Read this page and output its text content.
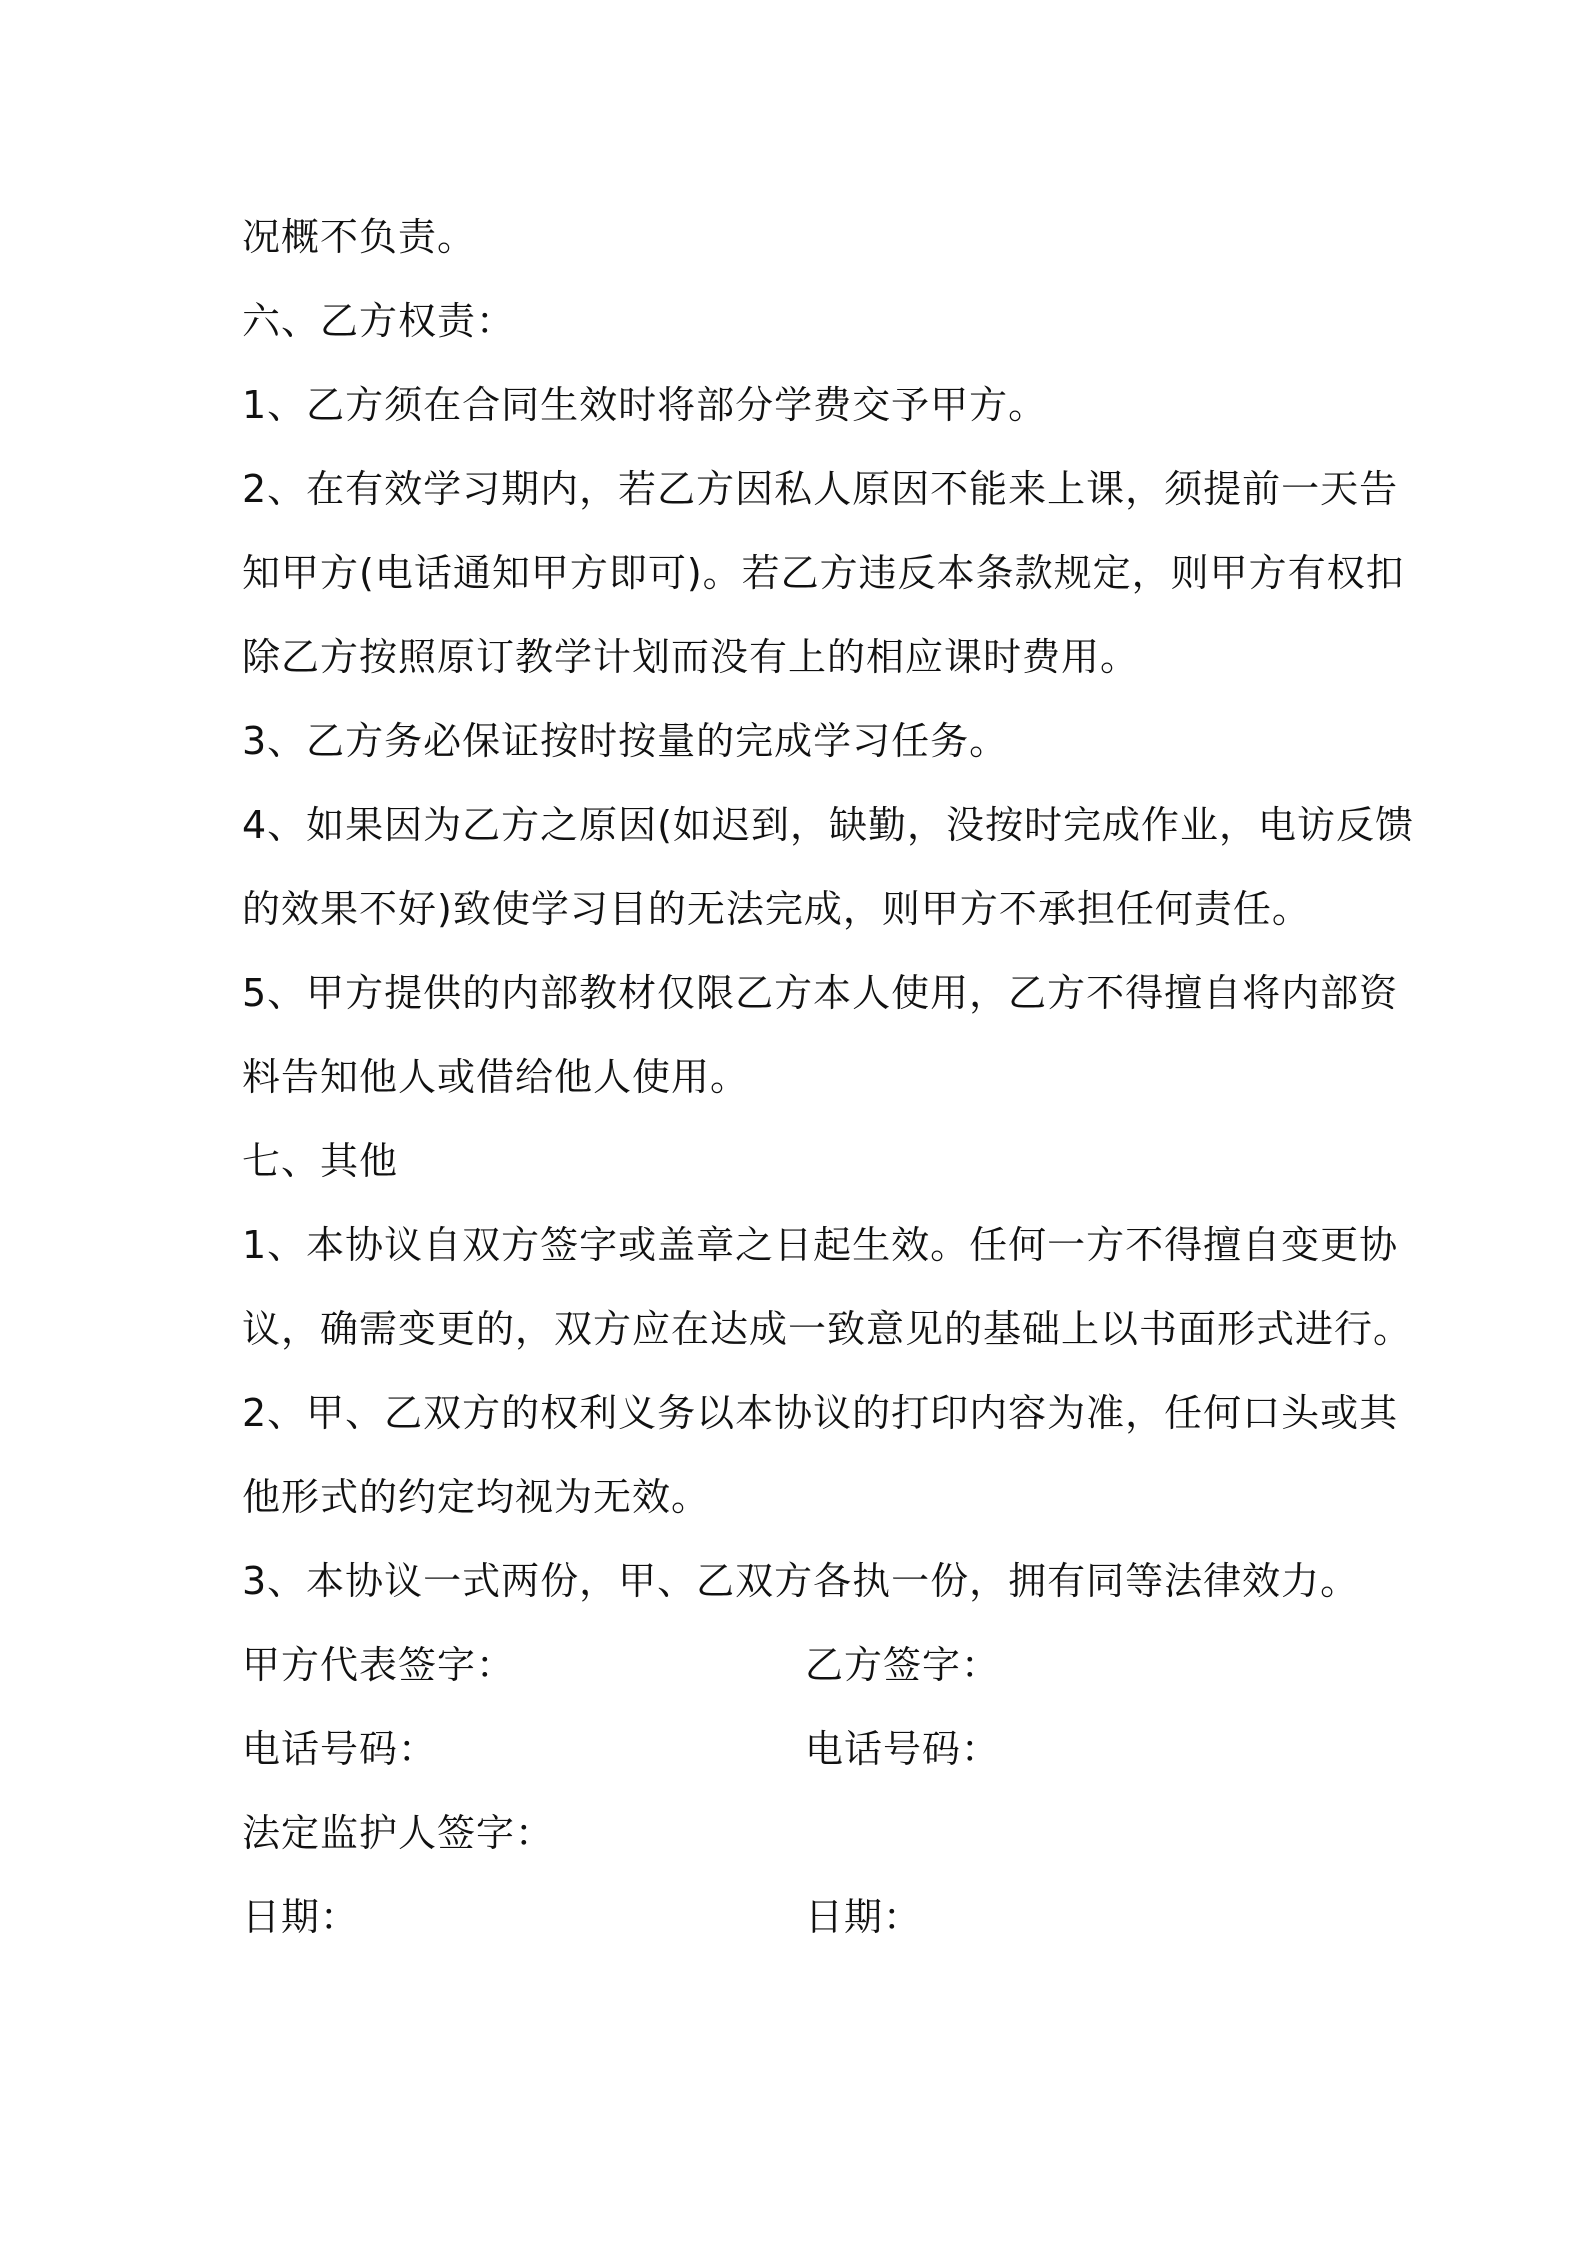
况概不负责。
六、乙方权责：
1、乙方须在合同生效时将部分学费交予甲方。
2、在有效学习期内，若乙方因私人原因不能来上课，须提前一天告
知甲方(电话通知甲方即可)。若乙方违反本条款规定，则甲方有权扣
除乙方按照原订教学计划而没有上的相应课时费用。
3、乙方务必保证按时按量的完成学习任务。
4、如果因为乙方之原因(如迟到，缺勤，没按时完成作业，电访反馈
的效果不好)致使学习目的无法完成，则甲方不承担任何责任。
5、甲方提供的内部教材仅限乙方本人使用，乙方不得擅自将内部资
料告知他人或借给他人使用。
七、其他
1、本协议自双方签字或盖章之日起生效。任何一方不得擅自变更协
议，确需变更的，双方应在达成一致意见的基础上以书面形式进行。
2、甲、乙双方的权利义务以本协议的打印内容为准，任何口头或其
他形式的约定均视为无效。
3、本协议一式两份，甲、乙双方各执一份，拥有同等法律效力。
甲方代表签字：	乙方签字：
电话号码：	电话号码：
法定监护人签字：
日期：	日期：
